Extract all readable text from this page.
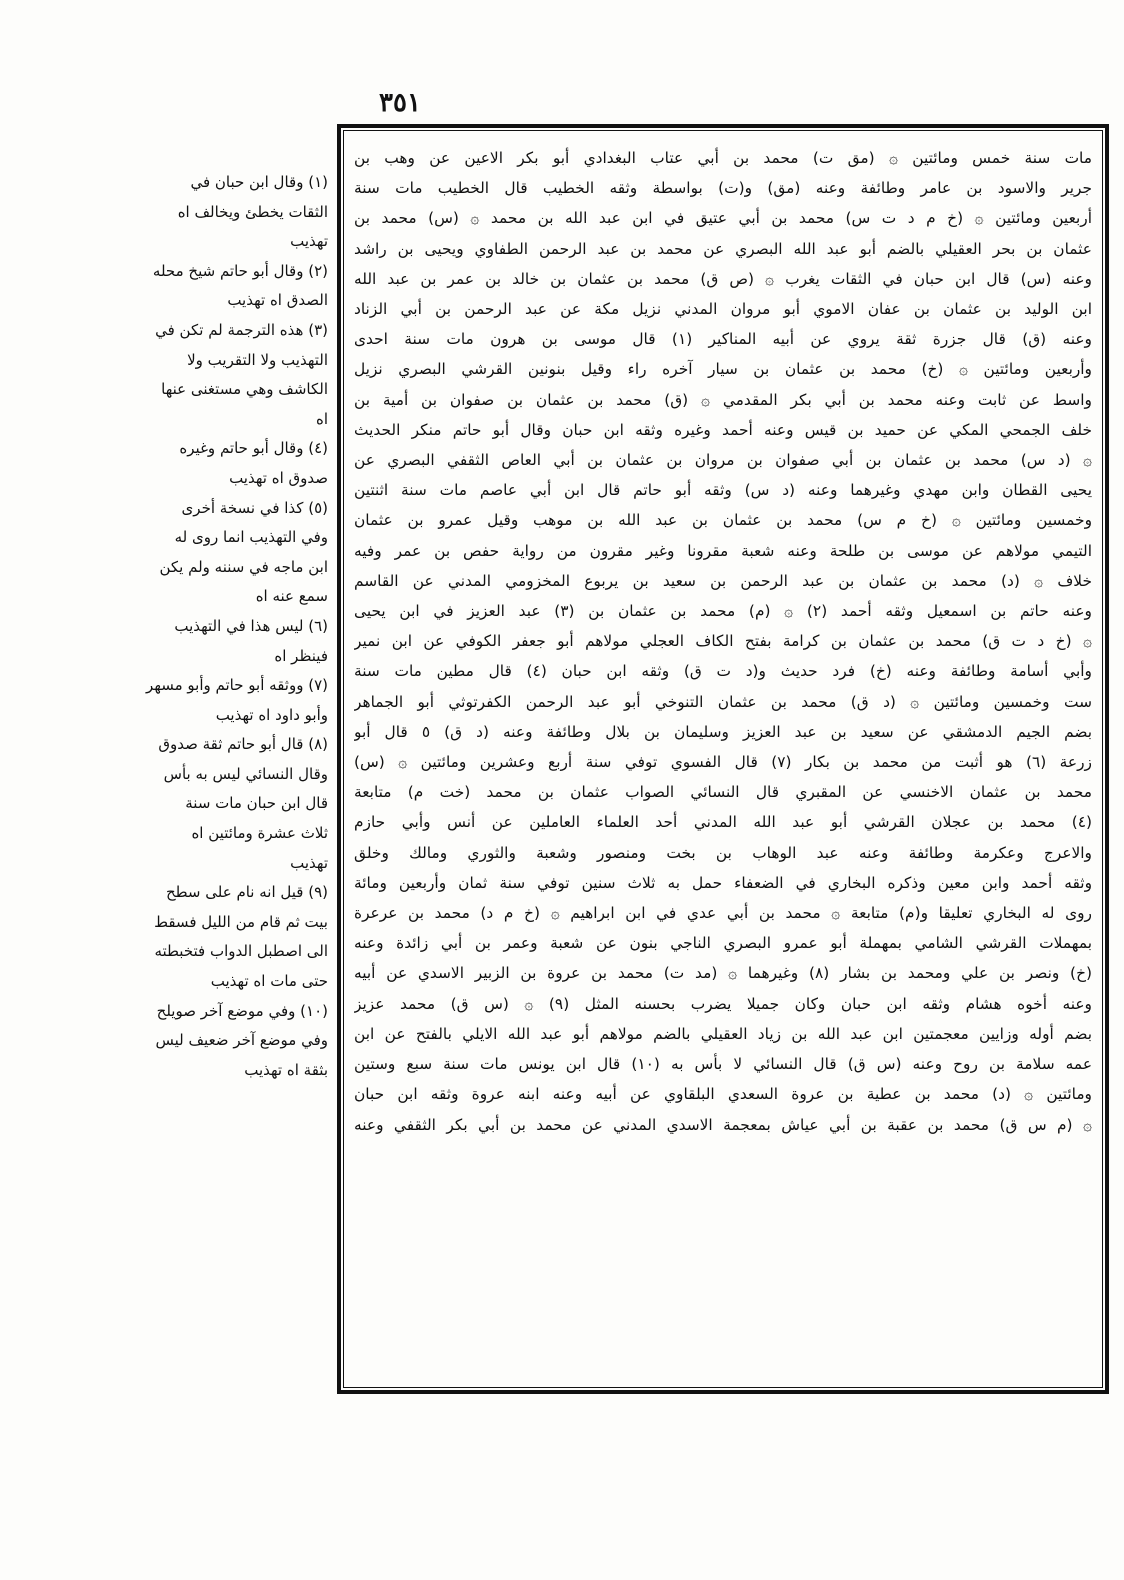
٣٥١
مات سنة خمس ومائتين ۞ (مق ت) محمد بن أبي عتاب البغدادي أبو بكر الاعين عن وهب بن
جرير والاسود بن عامر وطائفة وعنه (مق) و(ت) بواسطة وثقه الخطيب قال الخطيب مات سنة
أربعين ومائتين ۞ (خ م د ت س) محمد بن أبي عتيق في ابن عبد الله بن محمد ۞ (س) محمد بن
عثمان بن بحر العقيلي بالضم أبو عبد الله البصري عن محمد بن عبد الرحمن الطفاوي ويحيى بن راشد
وعنه (س) قال ابن حبان في الثقات يغرب ۞ (ص ق) محمد بن عثمان بن خالد بن عمر بن عبد الله
ابن الوليد بن عثمان بن عفان الاموي أبو مروان المدني نزيل مكة عن عبد الرحمن بن أبي الزناد
وعنه (ق) قال جزرة ثقة يروي عن أبيه المناكير (١) قال موسى بن هرون مات سنة احدى
وأربعين ومائتين ۞ (خ) محمد بن عثمان بن سيار آخره راء وقيل بنونين القرشي البصري نزيل
واسط عن ثابت وعنه محمد بن أبي بكر المقدمي ۞ (ق) محمد بن عثمان بن صفوان بن أمية بن
خلف الجمحي المكي عن حميد بن قيس وعنه أحمد وغيره وثقه ابن حبان وقال أبو حاتم منكر الحديث
۞ (د س) محمد بن عثمان بن أبي صفوان بن مروان بن عثمان بن أبي العاص الثقفي البصري عن
يحيى القطان وابن مهدي وغيرهما وعنه (د س) وثقه أبو حاتم قال ابن أبي عاصم مات سنة اثنتين
وخمسين ومائتين ۞ (خ م س) محمد بن عثمان بن عبد الله بن موهب وقيل عمرو بن عثمان
التيمي مولاهم عن موسى بن طلحة وعنه شعبة مقرونا وغير مقرون من رواية حفص بن عمر وفيه
خلاف ۞ (د) محمد بن عثمان بن عبد الرحمن بن سعيد بن يربوع المخزومي المدني عن القاسم
وعنه حاتم بن اسمعيل وثقه أحمد (٢) ۞ (م) محمد بن عثمان بن (٣) عبد العزيز في ابن يحيى
۞ (خ د ت ق) محمد بن عثمان بن كرامة بفتح الكاف العجلي مولاهم أبو جعفر الكوفي عن ابن نمير
وأبي أسامة وطائفة وعنه (خ) فرد حديث و(د ت ق) وثقه ابن حبان (٤) قال مطين مات سنة
ست وخمسين ومائتين ۞ (د ق) محمد بن عثمان التنوخي أبو عبد الرحمن الكفرتوثي أبو الجماهر
بضم الجيم الدمشقي عن سعيد بن عبد العزيز وسليمان بن بلال وطائفة وعنه (د ق) ٥ قال أبو
زرعة (٦) هو أثبت من محمد بن بكار (٧) قال الفسوي توفي سنة أربع وعشرين ومائتين ۞ (س)
محمد بن عثمان الاخنسي عن المقبري قال النسائي الصواب عثمان بن محمد (خت م) متابعة
(٤) محمد بن عجلان القرشي أبو عبد الله المدني أحد العلماء العاملين عن أنس وأبي حازم
والاعرج وعكرمة وطائفة وعنه عبد الوهاب بن بخت ومنصور وشعبة والثوري ومالك وخلق
وثقه أحمد وابن معين وذكره البخاري في الضعفاء حمل به ثلاث سنين توفي سنة ثمان وأربعين ومائة
روى له البخاري تعليقا و(م) متابعة ۞ محمد بن أبي عدي في ابن ابراهيم ۞ (خ م د) محمد بن عرعرة
بمهملات القرشي الشامي بمهملة أبو عمرو البصري الناجي بنون عن شعبة وعمر بن أبي زائدة وعنه
(خ) ونصر بن علي ومحمد بن بشار (٨) وغيرهما ۞ (مد ت) محمد بن عروة بن الزبير الاسدي عن أبيه
وعنه أخوه هشام وثقه ابن حبان وكان جميلا يضرب بحسنه المثل (٩) ۞ (س ق) محمد عزيز
بضم أوله وزايين معجمتين ابن عبد الله بن زياد العقيلي بالضم مولاهم أبو عبد الله الايلي بالفتح عن ابن
عمه سلامة بن روح وعنه (س ق) قال النسائي لا بأس به (١٠) قال ابن يونس مات سنة سبع وستين
ومائتين ۞ (د) محمد بن عطية بن عروة السعدي البلقاوي عن أبيه وعنه ابنه عروة وثقه ابن حبان
۞ (م س ق) محمد بن عقبة بن أبي عياش بمعجمة الاسدي المدني عن محمد بن أبي بكر الثقفي وعنه
(١) وقال ابن حبان في
الثقات يخطئ ويخالف اه
تهذيب
(٢) وقال أبو حاتم شيخ محله
الصدق اه تهذيب
(٣) هذه الترجمة لم تكن في
التهذيب ولا التقريب ولا
الكاشف وهي مستغنى عنها
اه
(٤) وقال أبو حاتم وغيره
صدوق اه تهذيب
(٥) كذا في نسخة أخرى
وفي التهذيب انما روى له
ابن ماجه في سننه ولم يكن
سمع عنه اه
(٦) ليس هذا في التهذيب
فينظر اه
(٧) ووثقه أبو حاتم وأبو مسهر
وأبو داود اه تهذيب
(٨) قال أبو حاتم ثقة صدوق
وقال النسائي ليس به بأس
قال ابن حبان مات سنة
ثلاث عشرة ومائتين اه
تهذيب
(٩) قيل انه نام على سطح
بيت ثم قام من الليل فسقط
الى اصطبل الدواب فتخبطته
حتى مات اه تهذيب
(١٠) وفي موضع آخر صويلح
وفي موضع آخر ضعيف ليس
بثقة اه تهذيب
